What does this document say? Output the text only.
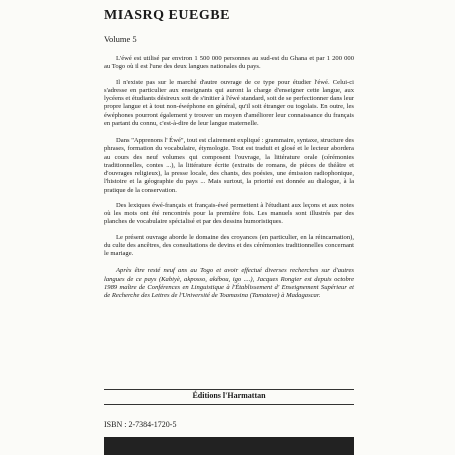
MIASRQ EUEGBE
Volume 5

L'éwé est utilisé par environ 1 500 000 personnes au sud-est du Ghana et par 1 200 000 au Togo où il est l'une des deux langues nationales du pays.

Il n'existe pas sur le marché d'autre ouvrage de ce type pour étudier l'éwé. Celui-ci s'adresse en particulier aux enseignants qui auront la charge d'enseigner cette langue, aux lycéens et étudiants désireux soit de s'initier à l'éwé standard, soit de se perfectionner dans leur propre langue et à tout non-éwéphone en général, qu'il soit étranger ou togolais. En outre, les éwéphones pourront également y trouver un moyen d'améliorer leur connaissance du français en partant du connu, c'est-à-dire de leur langue maternelle.

Dans "Apprenons l' Éwé", tout est clairement expliqué : grammaire, syntaxe, structure des phrases, formation du vocabulaire, étymologie. Tout est traduit et glosé et le lecteur abordera au cours des neuf volumes qui composent l'ouvrage, la littérature orale (cérémonies traditionnelles, contes ...), la littérature écrite (extraits de romans, de pièces de théâtre et d'ouvrages religieux), la presse locale, des chants, des poésies, une émission radiophonique, l'histoire et la géographie du pays ... Mais surtout, la priorité est donnée au dialogue, à la pratique de la conservation.

Des lexiques éwé-français et français-éwé permettent à l'étudiant aux leçons et aux notes où les mots ont été rencontrés pour la première fois. Les manuels sont illustrés par des planches de vocabulaire spécialisé et par des dessins humoristiques.

Le présent ouvrage aborde le domaine des croyances (en particulier, en la réincarnation), du culte des ancêtres, des consultations de devins et des cérémonies traditionnelles concernant le mariage.

Après être resté neuf ans au Togo et avoir effectué diverses recherches sur d'autres langues de ce pays (Kabiyè, akposso, akébou, igo ....), Jacques Rongier est depuis octobre 1989 maître de Conférences en Linguistique à l'Établissement d' Enseignement Supérieur et de Recherche des Lettres de l'Université de Toamasina (Tamatave) à Madagascar.

Éditions l'Harmattan
ISBN : 2-7384-1720-5
